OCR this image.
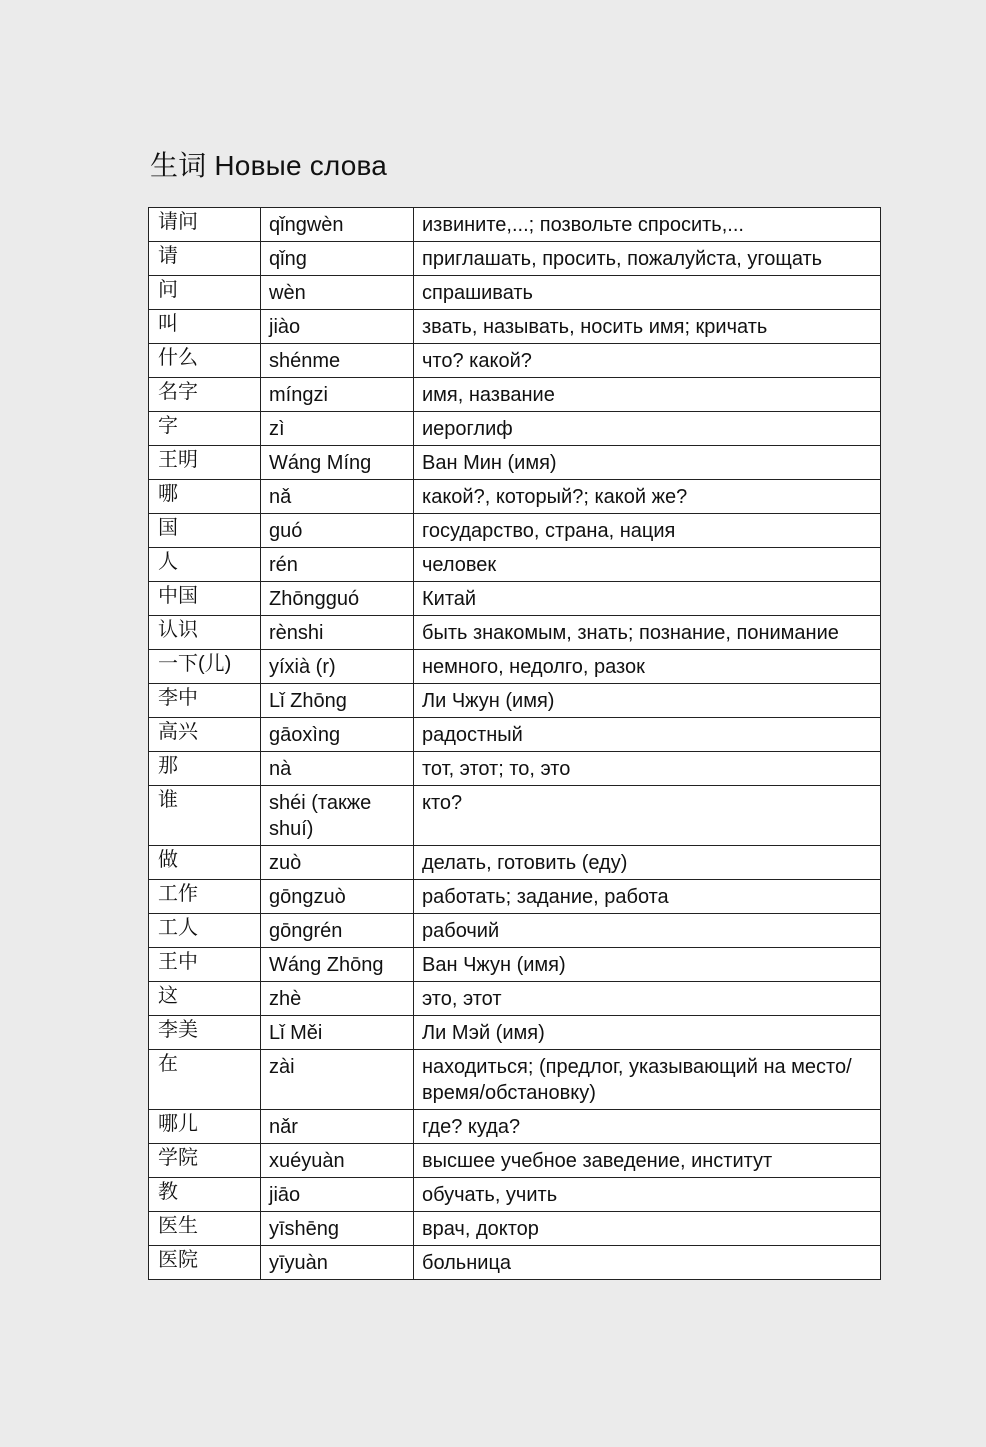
生词 Новые слова
请问	qǐngwèn	извините,...; позвольте спросить,...
请	qǐng	приглашать, просить, пожалуйста, угощать
问	wèn	спрашивать
叫	jiào	звать, называть, носить имя; кричать
什么	shénme	что? какой?
名字	míngzi	имя, название
字	zì	иероглиф
王明	Wáng Míng	Ван Мин (имя)
哪	nǎ	какой?, который?; какой же?
国	guó	государство, страна, нация
人	rén	человек
中国	Zhōngguó	Китай
认识	rènshi	быть знакомым, знать; познание, понимание
一下(儿)	yíxià (r)	немного, недолго, разок
李中	Lǐ Zhōng	Ли Чжун (имя)
高兴	gāoxìng	радостный
那	nà	тот, этот; то, это
谁	shéi (также shuí)	кто?
做	zuò	делать, готовить (еду)
工作	gōngzuò	работать; задание, работа
工人	gōngrén	рабочий
王中	Wáng Zhōng	Ван Чжун (имя)
这	zhè	это, этот
李美	Lǐ Měi	Ли Мэй (имя)
在	zài	находиться; (предлог, указывающий на место/время/обстановку)
哪儿	nǎr	где? куда?
学院	xuéyuàn	высшее учебное заведение, институт
教	jiāo	обучать, учить
医生	yīshēng	врач, доктор
医院	yīyuàn	больница
